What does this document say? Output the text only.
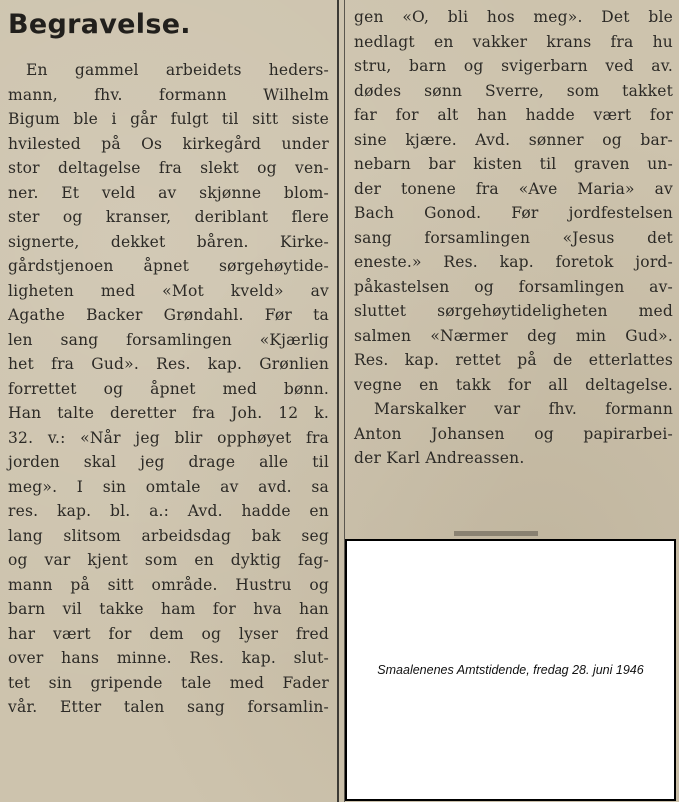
Begravelse.
En gammel arbeidets heders-
mann, fhv. formann Wilhelm
Bigum ble i går fulgt til sitt siste
hvilested på Os kirkegård under
stor deltagelse fra slekt og ven-
ner. Et veld av skjønne blom-
ster og kranser, deriblant flere
signerte, dekket båren. Kirke-
gårdstjenoen åpnet sørgehøytide-
ligheten med «Mot kveld» av
Agathe Backer Grøndahl. Før ta
len sang forsamlingen «Kjærlig
het fra Gud». Res. kap. Grønlien
forrettet og åpnet med bønn.
Han talte deretter fra Joh. 12 k.
32. v.: «Når jeg blir opphøyet fra
jorden skal jeg drage alle til
meg». I sin omtale av avd. sa
res. kap. bl. a.: Avd. hadde en
lang slitsom arbeidsdag bak seg
og var kjent som en dyktig fag-
mann på sitt område. Hustru og
barn vil takke ham for hva han
har vært for dem og lyser fred
over hans minne. Res. kap. slut-
tet sin gripende tale med Fader
vår. Etter talen sang forsamlin-
gen «O, bli hos meg». Det ble
nedlagt en vakker krans fra hu
stru, barn og svigerbarn ved av.
dødes sønn Sverre, som takket
far for alt han hadde vært for
sine kjære. Avd. sønner og bar-
nebarn bar kisten til graven un-
der tonene fra «Ave Maria» av
Bach Gonod. Før jordfestelsen
sang forsamlingen «Jesus det
eneste.» Res. kap. foretok jord-
påkastelsen og forsamlingen av-
sluttet sørgehøytideligheten med
salmen «Nærmer deg min Gud».
Res. kap. rettet på de etterlattes
vegne en takk for all deltagelse.
Marskalker var fhv. formann
Anton Johansen og papirarbei-
der Karl Andreassen.
Smaalenenes Amtstidende, fredag 28. juni 1946
